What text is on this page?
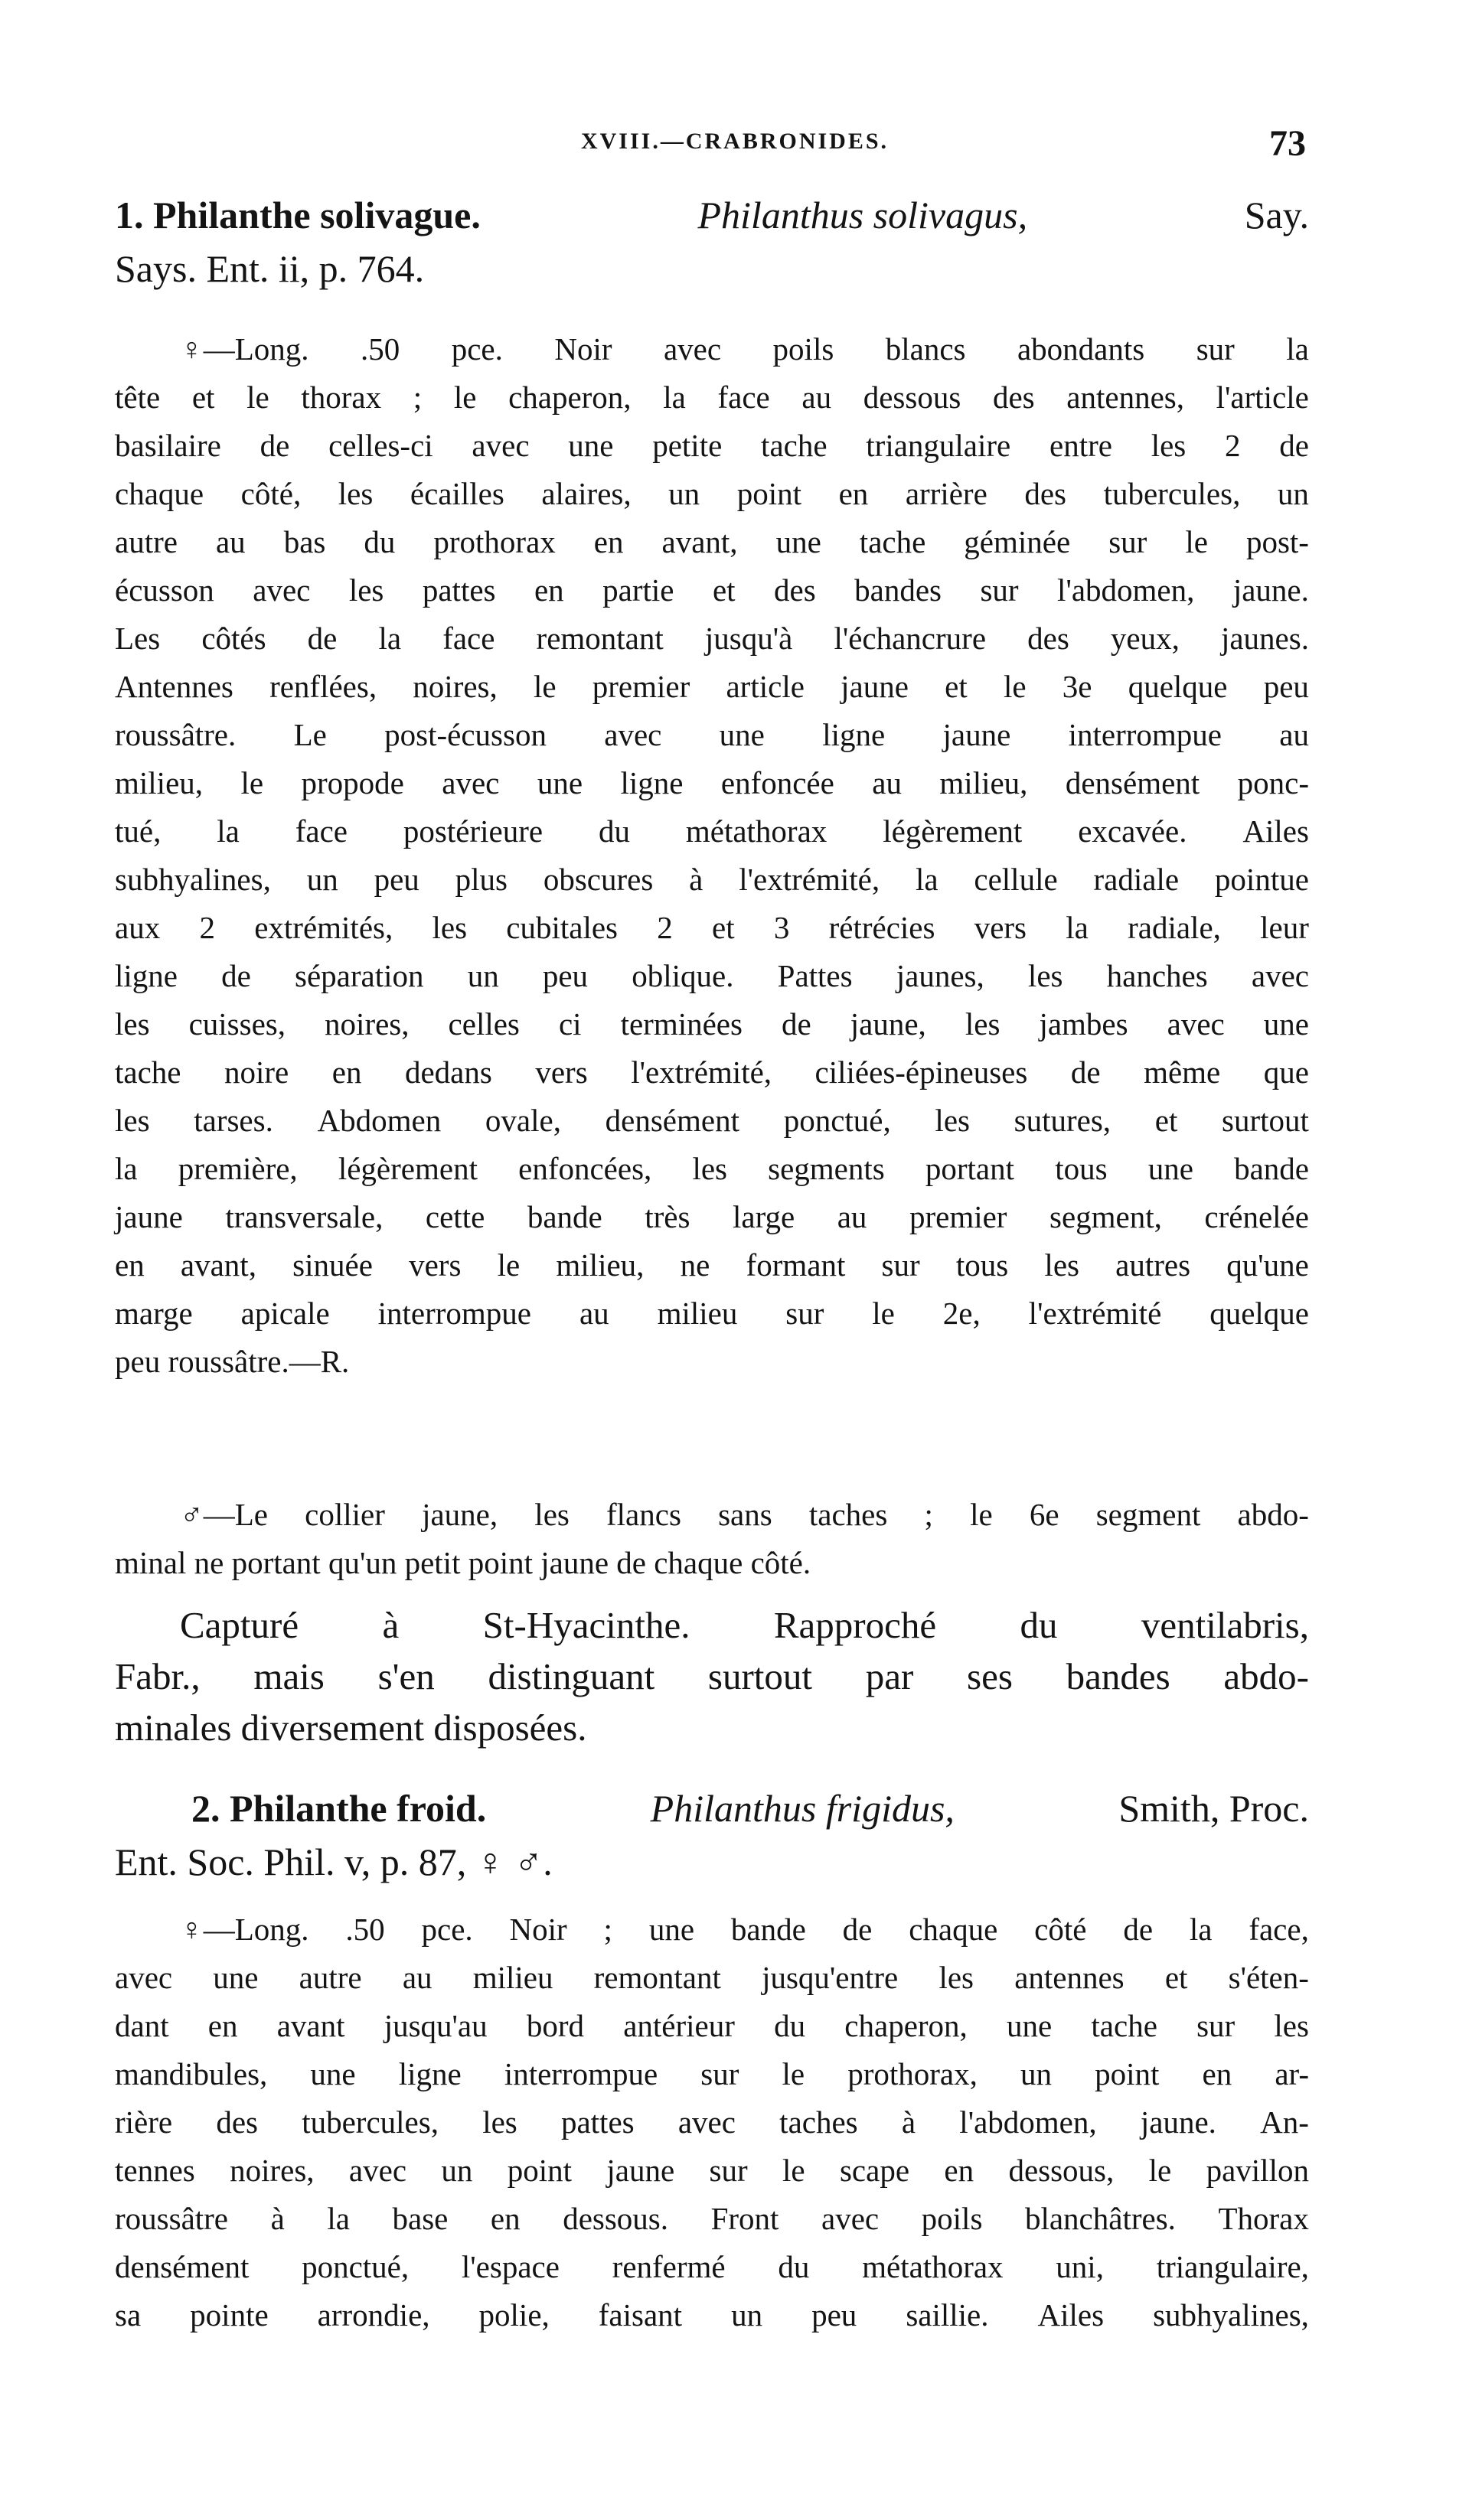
XVIII.—CRABRONIDES.	73
1. Philanthe solivague.	Philanthus solivagus,	Say.
Says. Ent. ii, p. 764.
♀—Long. .50 pce. Noir avec poils blancs abondants sur la
tête et le thorax ; le chaperon, la face au dessous des antennes, l'article
basilaire de celles-ci avec une petite tache triangulaire entre les 2 de
chaque côté, les écailles alaires, un point en arrière des tubercules, un
autre au bas du prothorax en avant, une tache géminée sur le post-
écusson avec les pattes en partie et des bandes sur l'abdomen, jaune.
Les côtés de la face remontant jusqu'à l'échancrure des yeux, jaunes.
Antennes renflées, noires, le premier article jaune et le 3e quelque peu
roussâtre. Le post-écusson avec une ligne jaune interrompue au
milieu, le propode avec une ligne enfoncée au milieu, densément ponc-
tué, la face postérieure du métathorax légèrement excavée. Ailes
subhyalines, un peu plus obscures à l'extrémité, la cellule radiale pointue
aux 2 extrémités, les cubitales 2 et 3 rétrécies vers la radiale, leur
ligne de séparation un peu oblique. Pattes jaunes, les hanches avec
les cuisses, noires, celles ci terminées de jaune, les jambes avec une
tache noire en dedans vers l'extrémité, ciliées-épineuses de même que
les tarses. Abdomen ovale, densément ponctué, les sutures, et surtout
la première, légèrement enfoncées, les segments portant tous une bande
jaune transversale, cette bande très large au premier segment, crénelée
en avant, sinuée vers le milieu, ne formant sur tous les autres qu'une
marge apicale interrompue au milieu sur le 2e, l'extrémité quelque
peu roussâtre.—R.
♂—Le collier jaune, les flancs sans taches ; le 6e segment abdo-
minal ne portant qu'un petit point jaune de chaque côté.
Capturé à St-Hyacinthe. Rapproché du ventilabris,
Fabr., mais s'en distinguant surtout par ses bandes abdo-
minales diversement disposées.
2. Philanthe froid.	Philanthus frigidus,	Smith, Proc.
Ent. Soc. Phil. v, p. 87, ♀ ♂.
♀—Long. .50 pce. Noir ; une bande de chaque côté de la face,
avec une autre au milieu remontant jusqu'entre les antennes et s'éten-
dant en avant jusqu'au bord antérieur du chaperon, une tache sur les
mandibules, une ligne interrompue sur le prothorax, un point en ar-
rière des tubercules, les pattes avec taches à l'abdomen, jaune. An-
tennes noires, avec un point jaune sur le scape en dessous, le pavillon
roussâtre à la base en dessous. Front avec poils blanchâtres. Thorax
densément ponctué, l'espace renfermé du métathorax uni, triangulaire,
sa pointe arrondie, polie, faisant un peu saillie. Ailes subhyalines,
